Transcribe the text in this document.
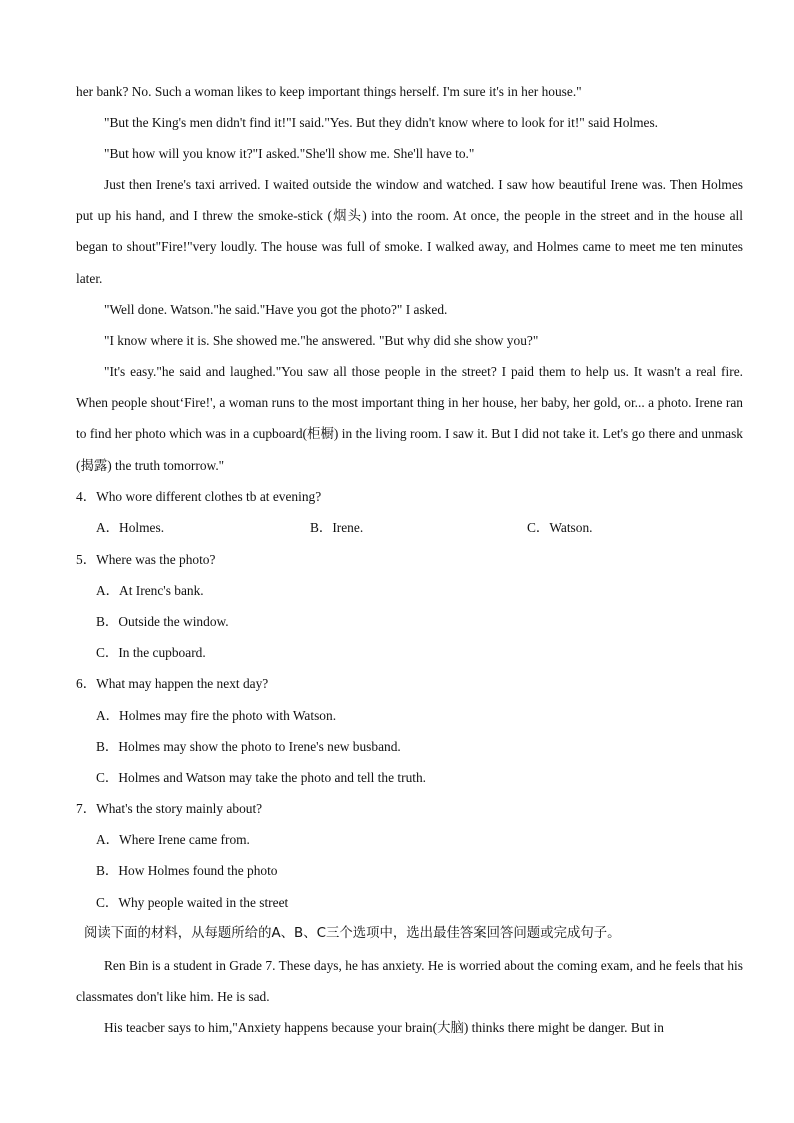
her bank? No. Such a woman likes to keep important things herself. I'm sure it's in her house."

"But the King's men didn't find it!"I said."Yes. But they didn't know where to look for it!" said Holmes.

"But how will you know it?"I asked."She'll show me. She'll have to."

Just then Irene's taxi arrived. I waited outside the window and watched. I saw how beautiful Irene was. Then Holmes put up his hand, and I threw the smoke-stick (烟头) into the room. At once, the people in the street and in the house all began to shout"Fire!"very loudly. The house was full of smoke. I walked away, and Holmes came to meet me ten minutes later.

"Well done. Watson."he said."Have you got the photo?" I asked.

"I know where it is. She showed me."he answered. "But why did she show you?"

"It's easy."he said and laughed."You saw all those people in the street? I paid them to help us. It wasn't a real fire. When people shout‘Fire!', a woman runs to the most important thing in her house, her baby, her gold, or... a photo. Irene ran to find her photo which was in a cupboard(柜橱) in the living room. I saw it. But I did not take it. Let's go there and unmask (揭露) the truth tomorrow."

4．Who wore different clothes tb at evening?

A．Holmes.	B．Irene.	C．Watson.

5．Where was the photo?

A．At Irenc's bank.

B．Outside the window.

C．In the cupboard.

6．What may happen the next day?

A．Holmes may fire the photo with Watson.

B．Holmes may show the photo to Irene's new busband.

C．Holmes and Watson may take the photo and tell the truth.

7．What's the story mainly about?

A．Where Irene came from.

B．How Holmes found the photo

C．Why people waited in the street

阅读下面的材料，从每题所给的A、B、C三个选项中，选出最佳答案回答问题或完成句子。

Ren Bin is a student in Grade 7. These days, he has anxiety. He is worried about the coming exam, and he feels that his classmates don't like him. He is sad.

His teacber says to him,"Anxiety happens because your brain(大脑) thinks there might be danger. But in
